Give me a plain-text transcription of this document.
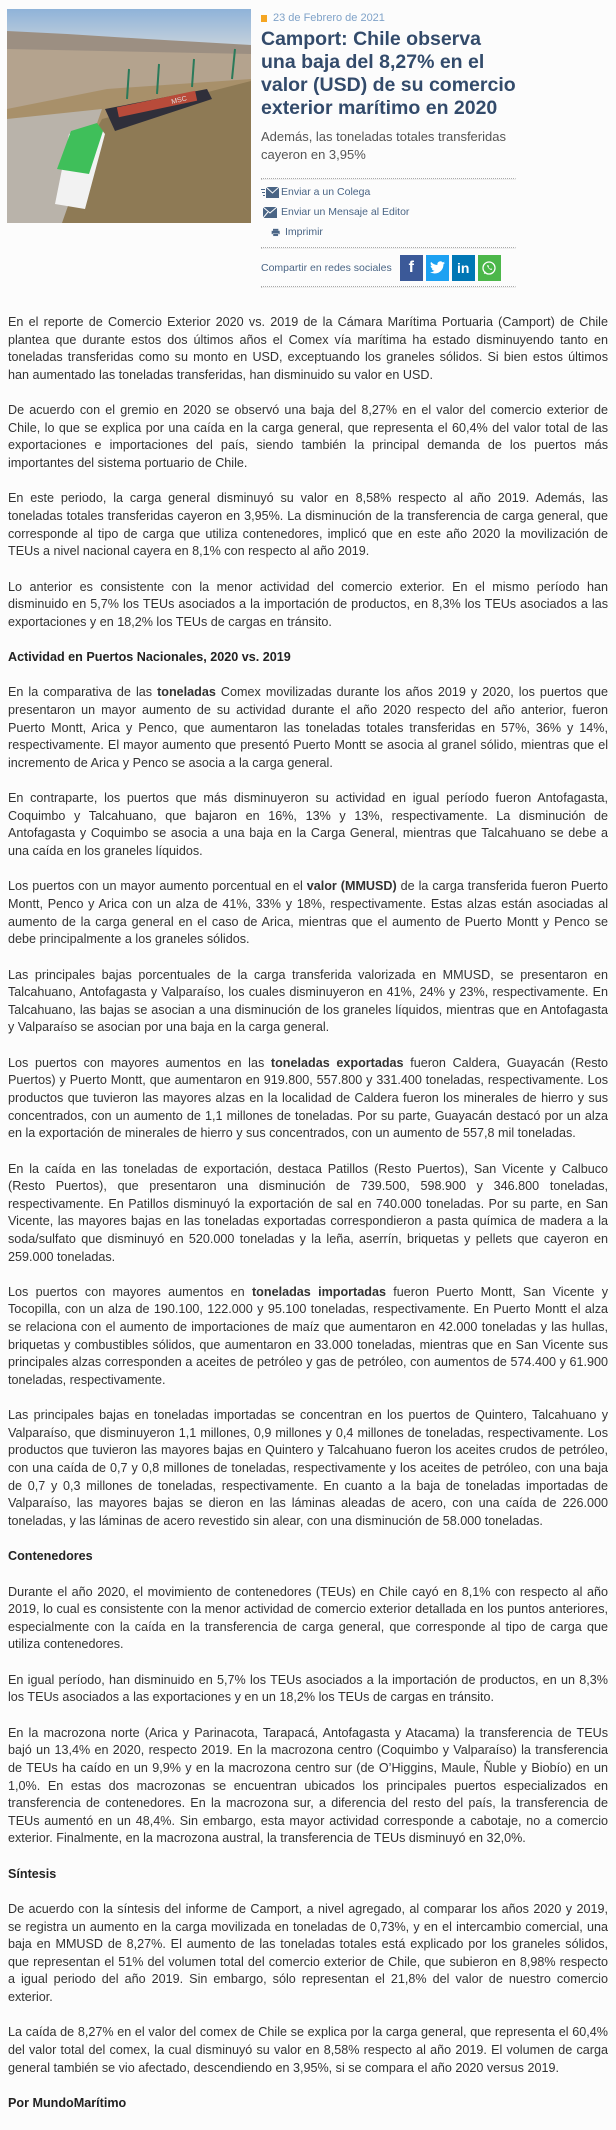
MSC
23 de Febrero de 2021
Camport: Chile observa una baja del 8,27% en el valor (USD) de su comercio exterior marítimo en 2020
Además, las toneladas totales transferidas cayeron en 3,95%
Enviar a un Colega

Enviar un Mensaje al Editor

Imprimir
Compartir en redes sociales f	in

En el reporte de Comercio Exterior 2020 vs. 2019 de la Cámara Marítima Portuaria (Camport) de Chile plantea que durante estos dos últimos años el Comex vía marítima ha estado disminuyendo tanto en toneladas transferidas como su monto en USD, exceptuando los graneles sólidos. Si bien estos últimos han aumentado las toneladas transferidas, han disminuido su valor en USD.

De acuerdo con el gremio en 2020 se observó una baja del 8,27% en el valor del comercio exterior de Chile, lo que se explica por una caída en la carga general, que representa el 60,4% del valor total de las exportaciones e importaciones del país, siendo también la principal demanda de los puertos más importantes del sistema portuario de Chile.

En este periodo, la carga general disminuyó su valor en 8,58% respecto al año 2019. Además, las toneladas totales transferidas cayeron en 3,95%. La disminución de la transferencia de carga general, que corresponde al tipo de carga que utiliza contenedores, implicó que en este año 2020 la movilización de TEUs a nivel nacional cayera en 8,1% con respecto al año 2019.

Lo anterior es consistente con la menor actividad del comercio exterior. En el mismo período han disminuido en 5,7% los TEUs asociados a la importación de productos, en 8,3% los TEUs asociados a las exportaciones y en 18,2% los TEUs de cargas en tránsito.

Actividad en Puertos Nacionales, 2020 vs. 2019

En la comparativa de las toneladas Comex movilizadas durante los años 2019 y 2020, los puertos que presentaron un mayor aumento de su actividad durante el año 2020 respecto del año anterior, fueron Puerto Montt, Arica y Penco, que aumentaron las toneladas totales transferidas en 57%, 36% y 14%, respectivamente. El mayor aumento que presentó Puerto Montt se asocia al granel sólido, mientras que el incremento de Arica y Penco se asocia a la carga general.

En contraparte, los puertos que más disminuyeron su actividad en igual período fueron Antofagasta, Coquimbo y Talcahuano, que bajaron en 16%, 13% y 13%, respectivamente. La disminución de Antofagasta y Coquimbo se asocia a una baja en la Carga General, mientras que Talcahuano se debe a una caída en los graneles líquidos.

Los puertos con un mayor aumento porcentual en el valor (MMUSD) de la carga transferida fueron Puerto Montt, Penco y Arica con un alza de 41%, 33% y 18%, respectivamente. Estas alzas están asociadas al aumento de la carga general en el caso de Arica, mientras que el aumento de Puerto Montt y Penco se debe principalmente a los graneles sólidos.

Las principales bajas porcentuales de la carga transferida valorizada en MMUSD, se presentaron en Talcahuano, Antofagasta y Valparaíso, los cuales disminuyeron en 41%, 24% y 23%, respectivamente. En Talcahuano, las bajas se asocian a una disminución de los graneles líquidos, mientras que en Antofagasta y Valparaíso se asocian por una baja en la carga general.

Los puertos con mayores aumentos en las toneladas exportadas fueron Caldera, Guayacán (Resto Puertos) y Puerto Montt, que aumentaron en 919.800, 557.800 y 331.400 toneladas, respectivamente. Los productos que tuvieron las mayores alzas en la localidad de Caldera fueron los minerales de hierro y sus concentrados, con un aumento de 1,1 millones de toneladas. Por su parte, Guayacán destacó por un alza en la exportación de minerales de hierro y sus concentrados, con un aumento de 557,8 mil toneladas.

En la caída en las toneladas de exportación, destaca Patillos (Resto Puertos), San Vicente y Calbuco (Resto Puertos), que presentaron una disminución de 739.500, 598.900 y 346.800 toneladas, respectivamente. En Patillos disminuyó la exportación de sal en 740.000 toneladas. Por su parte, en San Vicente, las mayores bajas en las toneladas exportadas correspondieron a pasta química de madera a la soda/sulfato que disminuyó en 520.000 toneladas y la leña, aserrín, briquetas y pellets que cayeron en 259.000 toneladas.

Los puertos con mayores aumentos en toneladas importadas fueron Puerto Montt, San Vicente y Tocopilla, con un alza de 190.100, 122.000 y 95.100 toneladas, respectivamente. En Puerto Montt el alza se relaciona con el aumento de importaciones de maíz que aumentaron en 42.000 toneladas y las hullas, briquetas y combustibles sólidos, que aumentaron en 33.000 toneladas, mientras que en San Vicente sus principales alzas corresponden a aceites de petróleo y gas de petróleo, con aumentos de 574.400 y 61.900 toneladas, respectivamente.

Las principales bajas en toneladas importadas se concentran en los puertos de Quintero, Talcahuano y Valparaíso, que disminuyeron 1,1 millones, 0,9 millones y 0,4 millones de toneladas, respectivamente. Los productos que tuvieron las mayores bajas en Quintero y Talcahuano fueron los aceites crudos de petróleo, con una caída de 0,7 y 0,8 millones de toneladas, respectivamente y los aceites de petróleo, con una baja de 0,7 y 0,3 millones de toneladas, respectivamente. En cuanto a la baja de toneladas importadas de Valparaíso, las mayores bajas se dieron en las láminas aleadas de acero, con una caída de 226.000 toneladas, y las láminas de acero revestido sin alear, con una disminución de 58.000 toneladas.

Contenedores

Durante el año 2020, el movimiento de contenedores (TEUs) en Chile cayó en 8,1% con respecto al año 2019, lo cual es consistente con la menor actividad de comercio exterior detallada en los puntos anteriores, especialmente con la caída en la transferencia de carga general, que corresponde al tipo de carga que utiliza contenedores.

En igual período, han disminuido en 5,7% los TEUs asociados a la importación de productos, en un 8,3% los TEUs asociados a las exportaciones y en un 18,2% los TEUs de cargas en tránsito.

En la macrozona norte (Arica y Parinacota, Tarapacá, Antofagasta y Atacama) la transferencia de TEUs bajó un 13,4% en 2020, respecto 2019. En la macrozona centro (Coquimbo y Valparaíso) la transferencia de TEUs ha caído en un 9,9% y en la macrozona centro sur (de O’Higgins, Maule, Ñuble y Biobío) en un 1,0%. En estas dos macrozonas se encuentran ubicados los principales puertos especializados en transferencia de contenedores. En la macrozona sur, a diferencia del resto del país, la transferencia de TEUs aumentó en un 48,4%. Sin embargo, esta mayor actividad corresponde a cabotaje, no a comercio exterior. Finalmente, en la macrozona austral, la transferencia de TEUs disminuyó en 32,0%.

Síntesis

De acuerdo con la síntesis del informe de Camport, a nivel agregado, al comparar los años 2020 y 2019, se registra un aumento en la carga movilizada en toneladas de 0,73%, y en el intercambio comercial, una baja en MMUSD de 8,27%. El aumento de las toneladas totales está explicado por los graneles sólidos, que representan el 51% del volumen total del comercio exterior de Chile, que subieron en 8,98% respecto a igual periodo del año 2019. Sin embargo, sólo representan el 21,8% del valor de nuestro comercio exterior.

La caída de 8,27% en el valor del comex de Chile se explica por la carga general, que representa el 60,4% del valor total del comex, la cual disminuyó su valor en 8,58% respecto al año 2019. El volumen de carga general también se vio afectado, descendiendo en 3,95%, si se compara el año 2020 versus 2019.

Por MundoMarítimo
